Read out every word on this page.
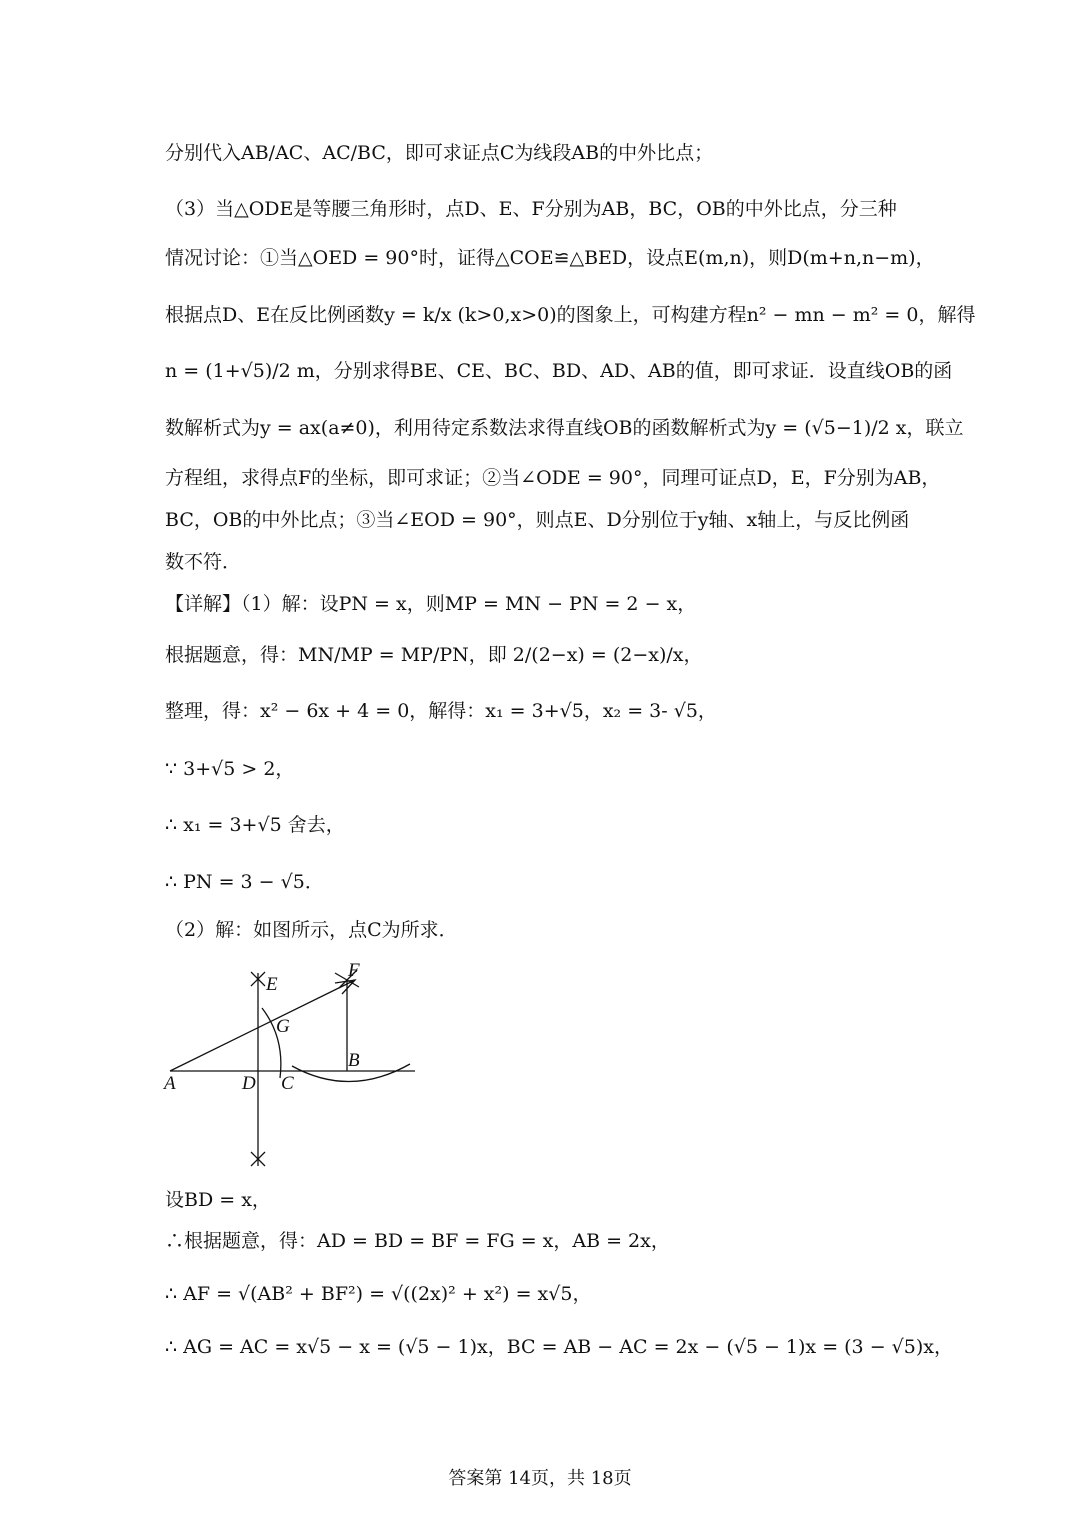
分别代入AB/AC、AC/BC，即可求证点C为线段AB的中外比点；
（3）当△ODE是等腰三角形时，点D、E、F分别为AB，BC，OB的中外比点，分三种
情况讨论：①当△OED = 90°时，证得△COE≌△BED，设点E(m,n)，则D(m+n,n−m)，
根据点D、E在反比例函数y = k/x (k>0,x>0)的图象上，可构建方程n² − mn − m² = 0，解得
n = (1+√5)/2 m，分别求得BE、CE、BC、BD、AD、AB的值，即可求证．设直线OB的函
数解析式为y = ax(a≠0)，利用待定系数法求得直线OB的函数解析式为y = (√5−1)/2 x，联立
方程组，求得点F的坐标，即可求证；②当∠ODE = 90°，同理可证点D，E，F分别为AB，
BC，OB的中外比点；③当∠EOD = 90°，则点E、D分别位于y轴、x轴上，与反比例函
数不符．
【详解】（1）解：设PN = x，则MP = MN − PN = 2 − x，
根据题意，得：MN/MP = MP/PN，即 2/(2−x) = (2−x)/x，
整理，得：x² − 6x + 4 = 0，解得：x₁ = 3+√5，x₂ = 3- √5，
∵ 3+√5 > 2，
∴ x₁ = 3+√5 舍去，
∴ PN = 3 − √5．
（2）解：如图所示，点C为所求．
A	D C
B
E
F
G
设BD = x，
∴根据题意，得：AD = BD = BF = FG = x，AB = 2x，
∴ AF = √(AB² + BF²) = √((2x)² + x²) = x√5，
∴ AG = AC = x√5 − x = (√5 − 1)x，BC = AB − AC = 2x − (√5 − 1)x = (3 − √5)x，
答案第 14页，共 18页
